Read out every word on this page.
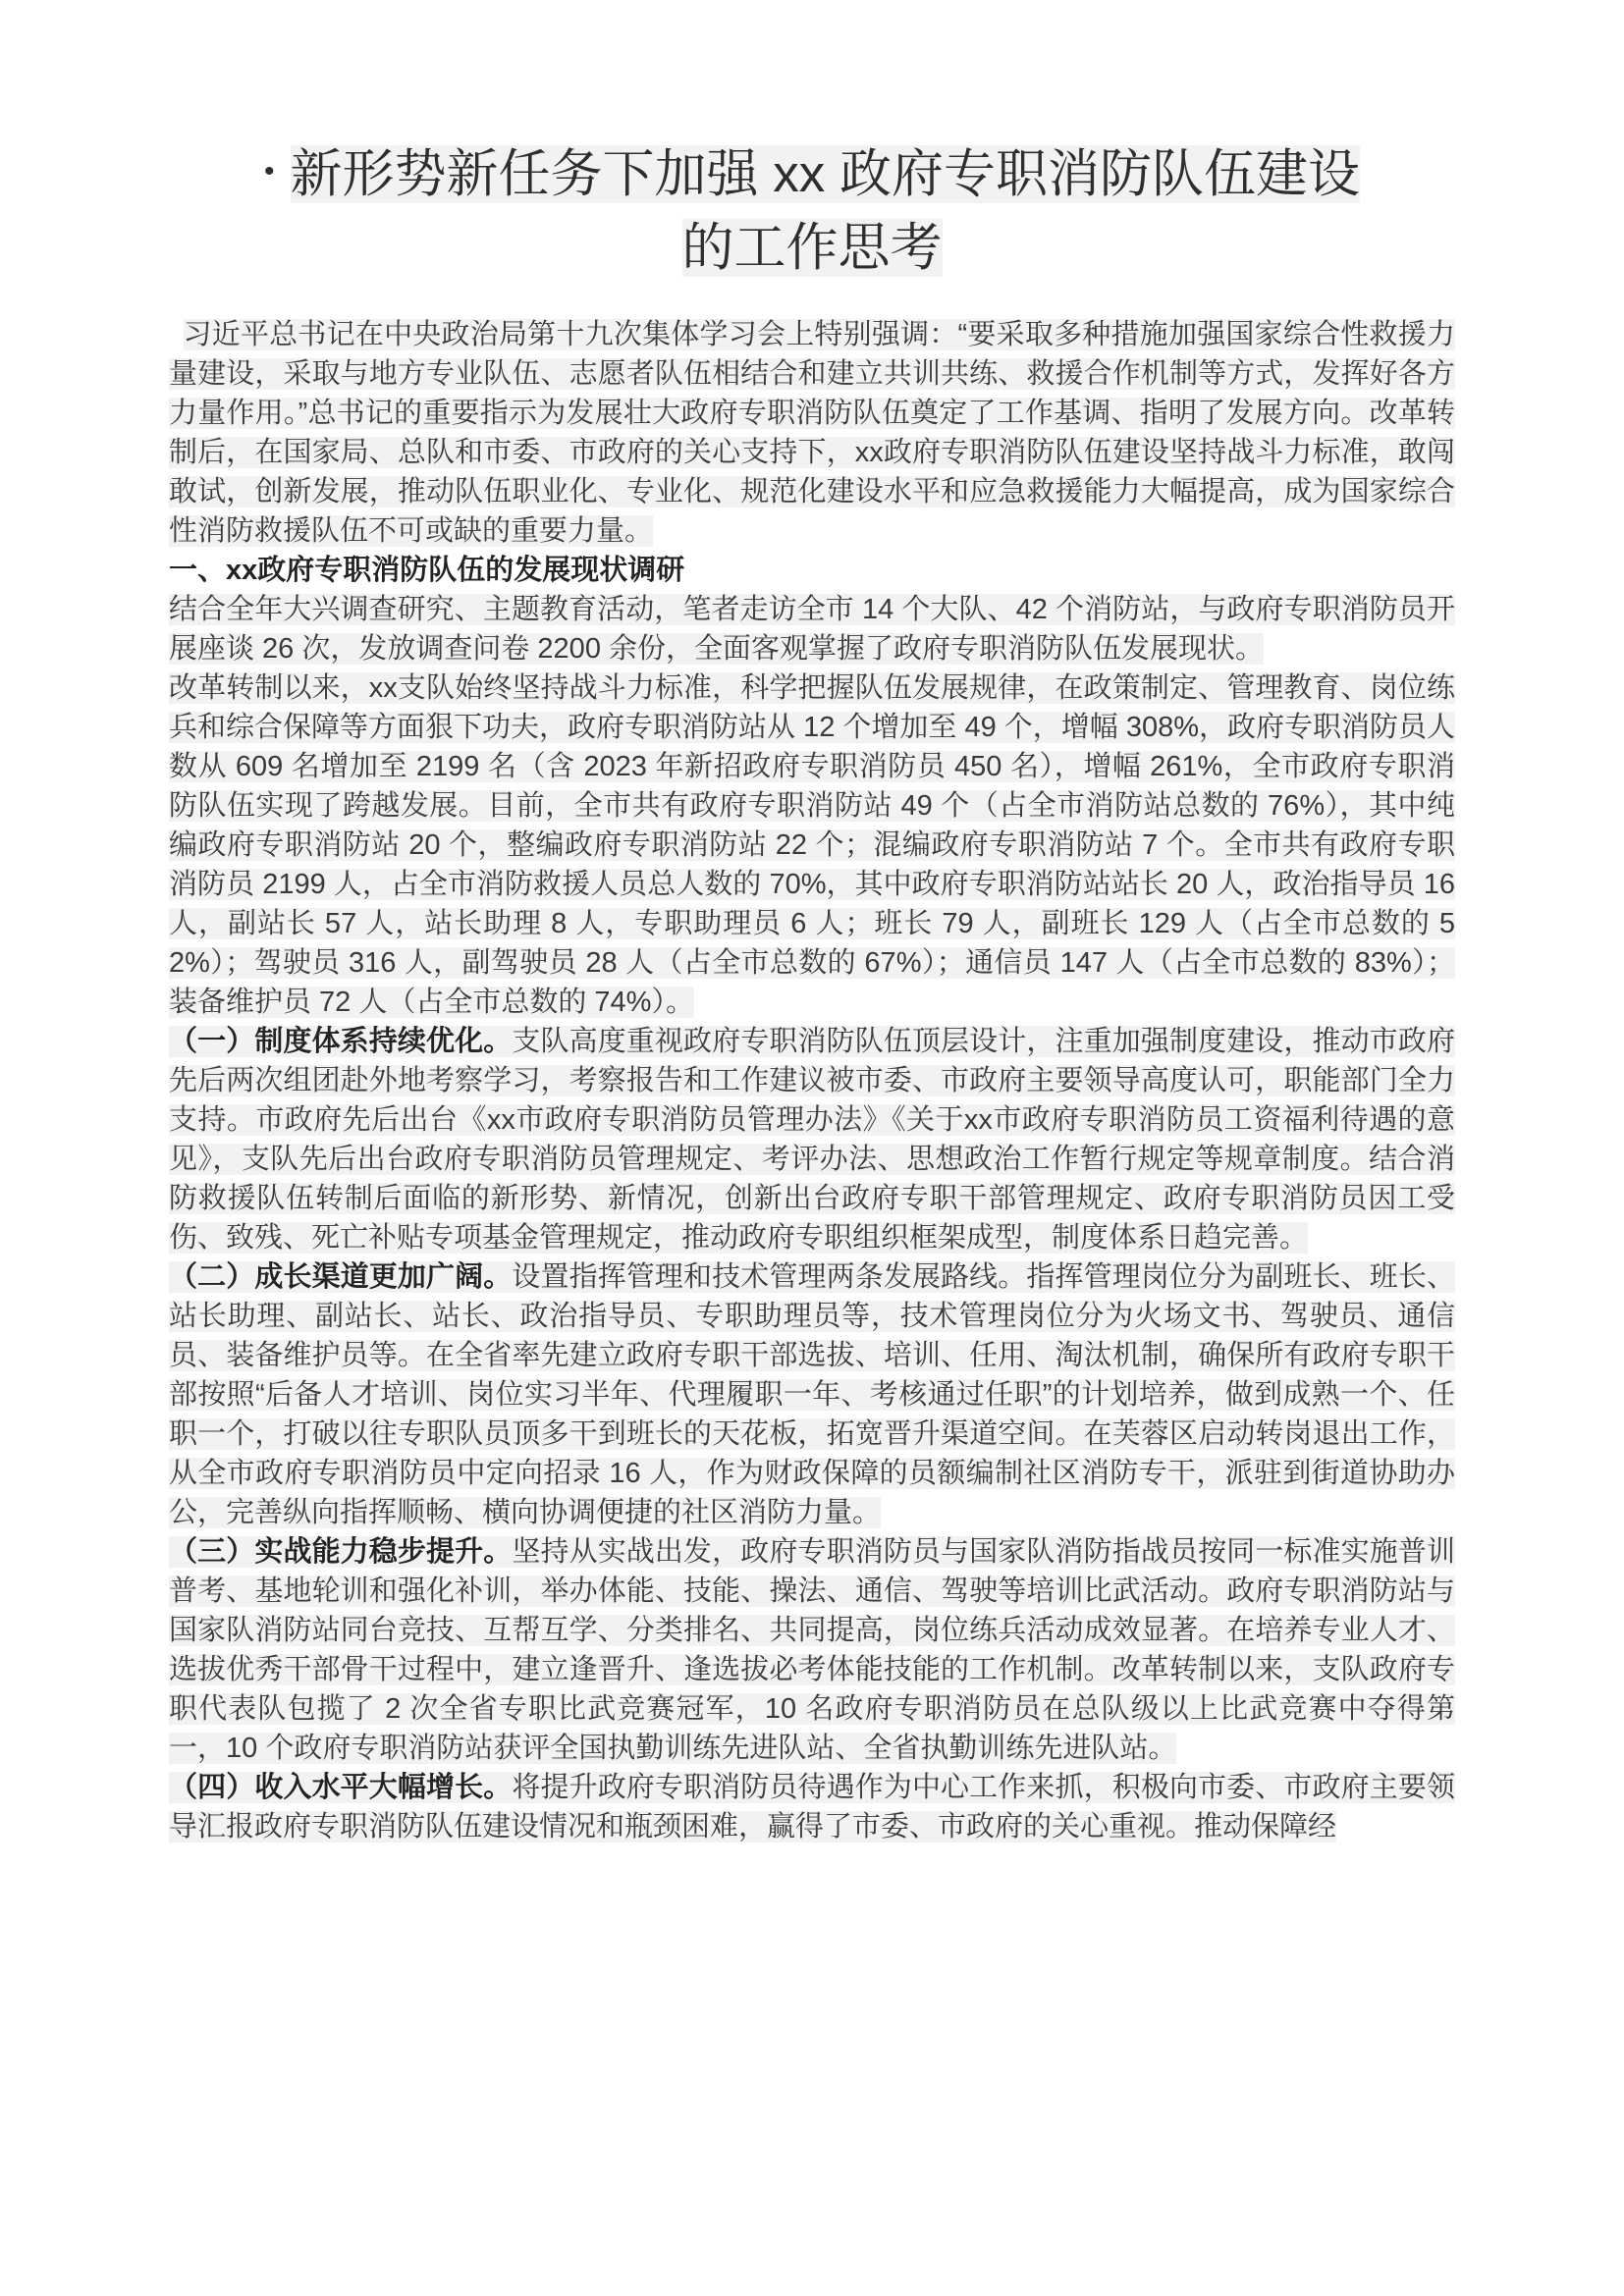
• 新形势新任务下加强 xx 政府专职消防队伍建设的工作思考

习近平总书记在中央政治局第十九次集体学习会上特别强调：“要采取多种措施加强国家综合性救援力量建设，采取与地方专业队伍、志愿者队伍相结合和建立共训共练、救援合作机制等方式，发挥好各方力量作用。”总书记的重要指示为发展壮大政府专职消防队伍奠定了工作基调、指明了发展方向。改革转制后，在国家局、总队和市委、市政府的关心支持下，xx政府专职消防队伍建设坚持战斗力标准，敢闯敢试，创新发展，推动队伍职业化、专业化、规范化建设水平和应急救援能力大幅提高，成为国家综合性消防救援队伍不可或缺的重要力量。

一、xx政府专职消防队伍的发展现状调研

结合全年大兴调查研究、主题教育活动，笔者走访全市 14 个大队、42 个消防站，与政府专职消防员开展座谈 26 次，发放调查问卷 2200 余份，全面客观掌握了政府专职消防队伍发展现状。

改革转制以来，xx支队始终坚持战斗力标准，科学把握队伍发展规律，在政策制定、管理教育、岗位练兵和综合保障等方面狠下功夫，政府专职消防站从 12 个增加至 49 个，增幅 308%，政府专职消防员人数从 609 名增加至 2199 名（含 2023 年新招政府专职消防员 450 名），增幅 261%，全市政府专职消防队伍实现了跨越发展。目前，全市共有政府专职消防站 49 个（占全市消防站总数的 76%），其中纯编政府专职消防站 20 个，整编政府专职消防站 22 个；混编政府专职消防站 7 个。全市共有政府专职消防员 2199 人，占全市消防救援人员总人数的 70%，其中政府专职消防站站长 20 人，政治指导员 16 人，副站长 57 人，站长助理 8 人，专职助理员 6 人；班长 79 人，副班长 129 人（占全市总数的 52%）；驾驶员 316 人，副驾驶员 28 人（占全市总数的 67%）；通信员 147 人（占全市总数的 83%）；装备维护员 72 人（占全市总数的 74%）。

（一）制度体系持续优化。支队高度重视政府专职消防队伍顶层设计，注重加强制度建设，推动市政府先后两次组团赴外地考察学习，考察报告和工作建议被市委、市政府主要领导高度认可，职能部门全力支持。市政府先后出台《xx市政府专职消防员管理办法》《关于xx市政府专职消防员工资福利待遇的意见》，支队先后出台政府专职消防员管理规定、考评办法、思想政治工作暂行规定等规章制度。结合消防救援队伍转制后面临的新形势、新情况，创新出台政府专职干部管理规定、政府专职消防员因工受伤、致残、死亡补贴专项基金管理规定，推动政府专职组织框架成型，制度体系日趋完善。

（二）成长渠道更加广阔。设置指挥管理和技术管理两条发展路线。指挥管理岗位分为副班长、班长、站长助理、副站长、站长、政治指导员、专职助理员等，技术管理岗位分为火场文书、驾驶员、通信员、装备维护员等。在全省率先建立政府专职干部选拔、培训、任用、淘汰机制，确保所有政府专职干部按照“后备人才培训、岗位实习半年、代理履职一年、考核通过任职”的计划培养，做到成熟一个、任职一个，打破以往专职队员顶多干到班长的天花板，拓宽晋升渠道空间。在芙蓉区启动转岗退出工作，从全市政府专职消防员中定向招录 16 人，作为财政保障的员额编制社区消防专干，派驻到街道协助办公，完善纵向指挥顺畅、横向协调便捷的社区消防力量。

（三）实战能力稳步提升。坚持从实战出发，政府专职消防员与国家队消防指战员按同一标准实施普训普考、基地轮训和强化补训，举办体能、技能、操法、通信、驾驶等培训比武活动。政府专职消防站与国家队消防站同台竞技、互帮互学、分类排名、共同提高，岗位练兵活动成效显著。在培养专业人才、选拔优秀干部骨干过程中，建立逢晋升、逢选拔必考体能技能的工作机制。改革转制以来，支队政府专职代表队包揽了 2 次全省专职比武竞赛冠军，10 名政府专职消防员在总队级以上比武竞赛中夺得第一，10 个政府专职消防站获评全国执勤训练先进队站、全省执勤训练先进队站。

（四）收入水平大幅增长。将提升政府专职消防员待遇作为中心工作来抓，积极向市委、市政府主要领导汇报政府专职消防队伍建设情况和瓶颈困难，赢得了市委、市政府的关心重视。推动保障经
